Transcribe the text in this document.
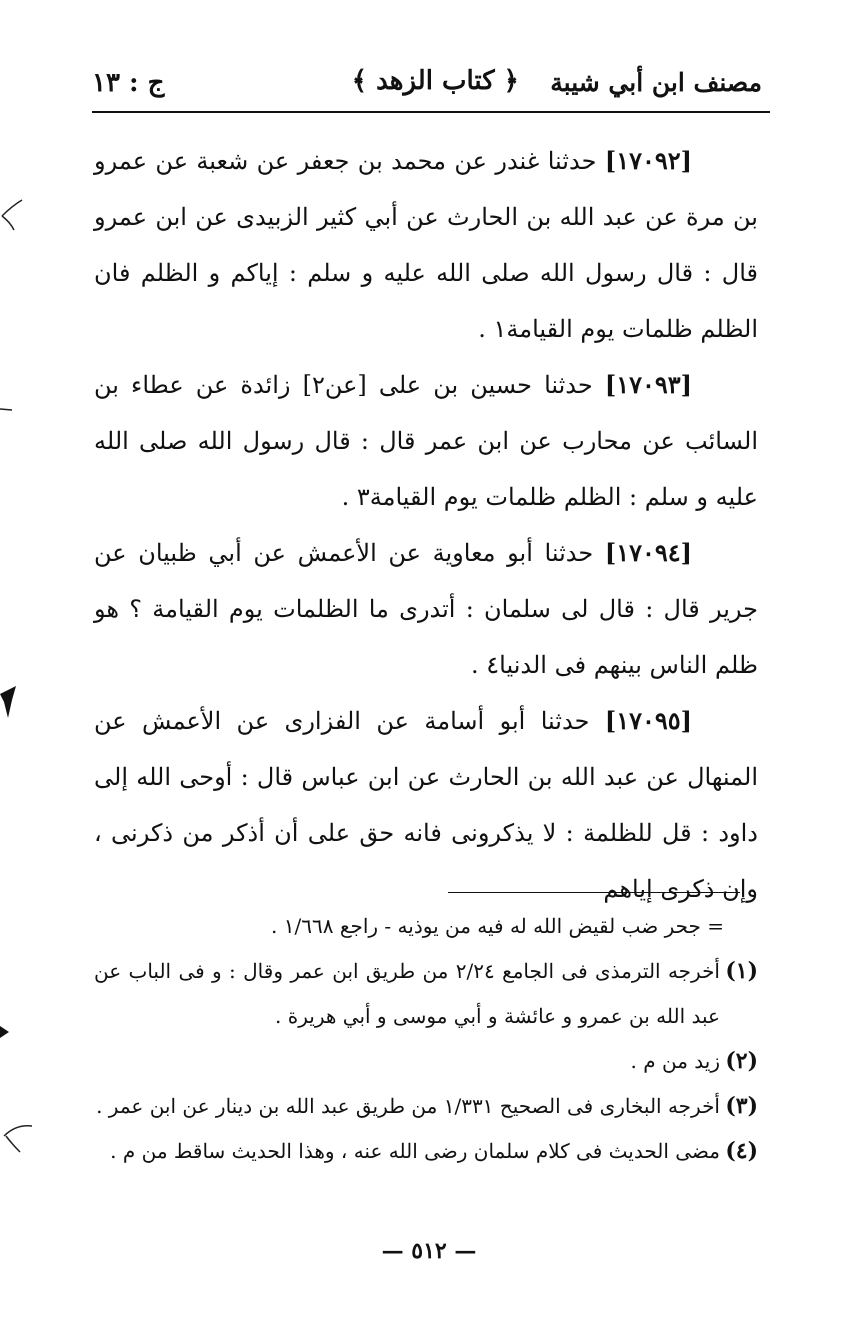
مصنف ابن أبي شيبة
﴿ كتاب الزهد ﴾
ج : ١٣

[١٧٠٩٢] حدثنا غندر عن محمد بن جعفر عن شعبة عن عمرو بن مرة عن عبد الله بن الحارث عن أبي كثير الزبيدى عن ابن عمرو قال : قال رسول الله صلى الله عليه و سلم : إياكم و الظلم فان الظلم ظلمات يوم القيامة١ .

[١٧٠٩٣] حدثنا حسين بن على [عن٢] زائدة عن عطاء بن السائب عن محارب عن ابن عمر قال : قال رسول الله صلى الله عليه و سلم : الظلم ظلمات يوم القيامة٣ .

[١٧٠٩٤] حدثنا أبو معاوية عن الأعمش عن أبي ظبيان عن جرير قال : قال لى سلمان : أتدرى ما الظلمات يوم القيامة ؟ هو ظلم الناس بينهم فى الدنيا٤ .

[١٧٠٩٥] حدثنا أبو أسامة عن الفزارى عن الأعمش عن المنهال عن عبد الله بن الحارث عن ابن عباس قال : أوحى الله إلى داود : قل للظلمة : لا يذكرونى فانه حق على أن أذكر من ذكرنى ، وإن ذكرى إياهم

= جحر ضب لقيض الله له فيه من يوذيه - راجع ١/٦٦٨ .

(١)
أخرجه الترمذى فى الجامع ٢/٢٤ من طريق ابن عمر وقال : و فى الباب عن عبد الله بن عمرو و عائشة و أبي موسى و أبي هريرة .
(٢)
زيد من م .
(٣)
أخرجه البخارى فى الصحيح ١/٣٣١ من طريق عبد الله بن دينار عن ابن عمر .
(٤)
مضى الحديث فى كلام سلمان رضى الله عنه ، وهذا الحديث ساقط من م .
— ٥١٢ —
